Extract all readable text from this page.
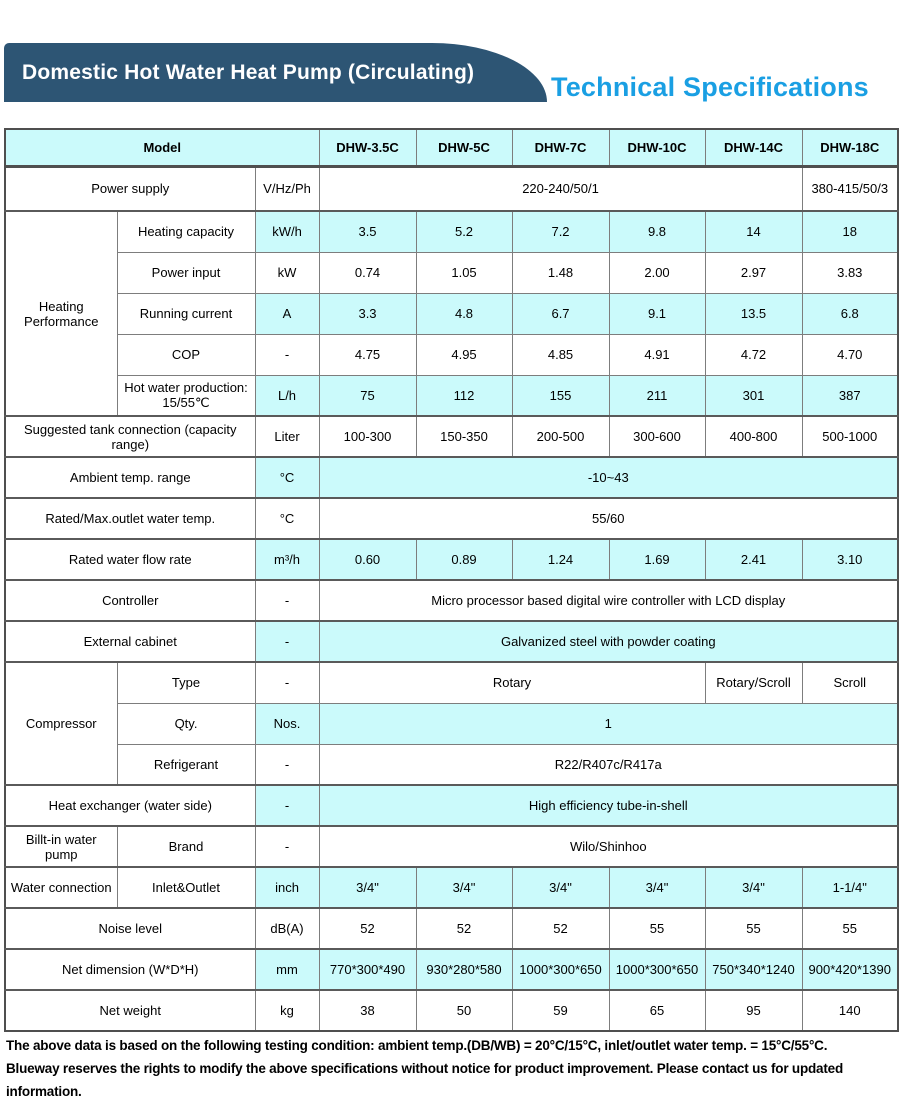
Domestic Hot Water Heat Pump (Circulating)	Technical Specifications
Model			DHW-3.5C	DHW-5C	DHW-7C	DHW-10C	DHW-14C	DHW-18C
Power supply		V/Hz/Ph	220-240/50/1					380-415/50/3
Heating Performance	Heating capacity	kW/h	3.5	5.2	7.2	9.8	14	18
	Power input	kW	0.74	1.05	1.48	2.00	2.97	3.83
	Running current	A	3.3	4.8	6.7	9.1	13.5	6.8
	COP	-	4.75	4.95	4.85	4.91	4.72	4.70
	Hot water production: 15/55℃	L/h	75	112	155	211	301	387
Suggested tank connection (capacity range)		Liter	100-300	150-350	200-500	300-600	400-800	500-1000
Ambient temp. range		°C	-10~43					
Rated/Max.outlet water temp.		°C	55/60					
Rated water flow rate		m³/h	0.60	0.89	1.24	1.69	2.41	3.10
Controller		-	Micro processor based digital wire controller with LCD display					
External cabinet		-	Galvanized steel with powder coating					
Compressor	Type	-	Rotary				Rotary/Scroll	Scroll
	Qty.	Nos.	1					
	Refrigerant	-	R22/R407c/R417a					
Heat exchanger (water side)		-	High efficiency tube-in-shell					
Billt-in water pump	Brand	-	Wilo/Shinhoo					
Water connection	Inlet&Outlet	inch	3/4"	3/4"	3/4"	3/4"	3/4"	1-1/4"
Noise level		dB(A)	52	52	52	55	55	55
Net dimension (W*D*H)		mm	770*300*490	930*280*580	1000*300*650	1000*300*650	750*340*1240	900*420*1390
Net weight		kg	38	50	59	65	95	140
The above data is based on the following testing condition: ambient temp.(DB/WB) = 20°C/15°C, inlet/outlet water temp. = 15°C/55°C.
Blueway reserves the rights to modify the above specifications without notice for product improvement. Please contact us for updated information.
